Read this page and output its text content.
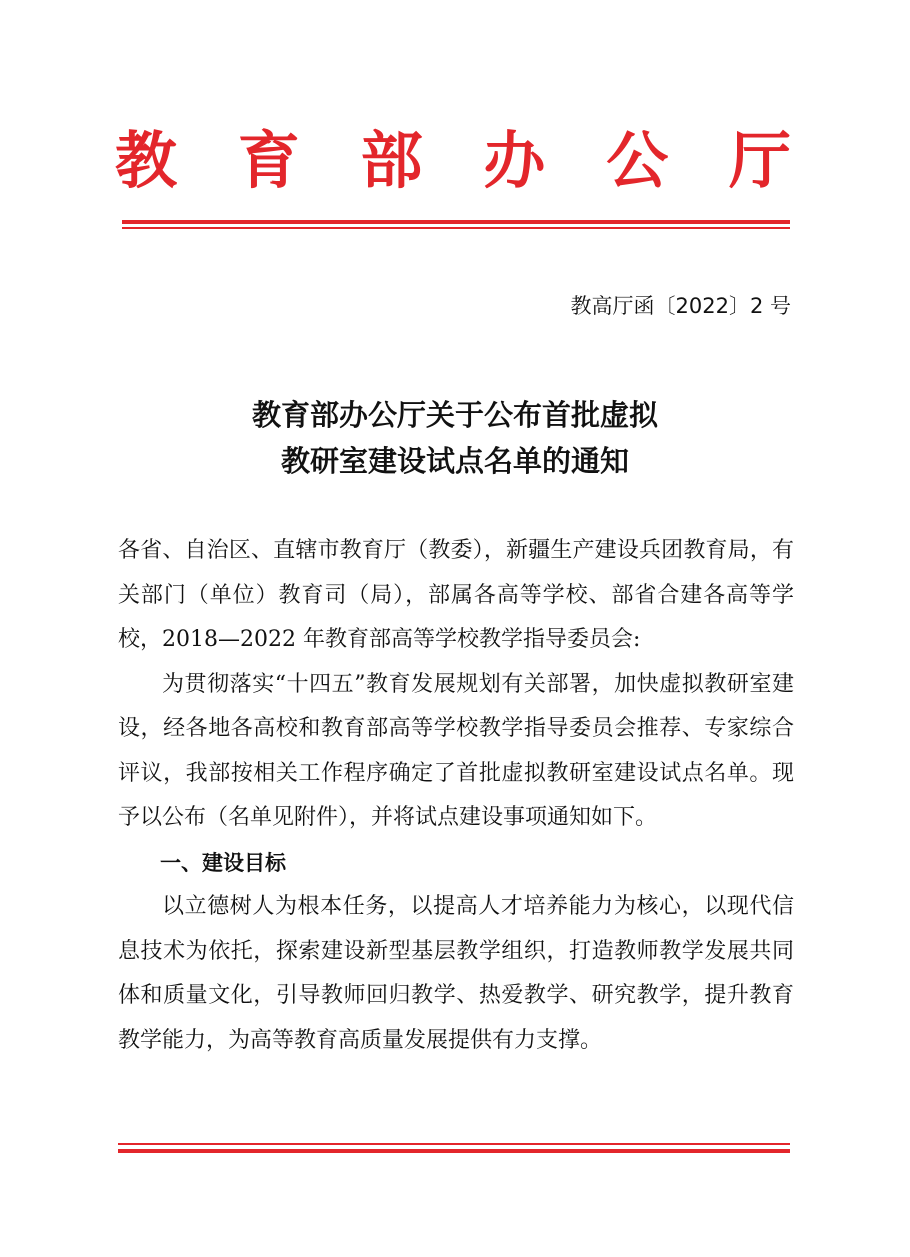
教 育 部 办 公 厅
教高厅函〔2022〕2 号
教育部办公厅关于公布首批虚拟
教研室建设试点名单的通知

各省、自治区、直辖市教育厅（教委），新疆生产建设兵团教育局，有关部门（单位）教育司（局），部属各高等学校、部省合建各高等学校，2018—2022 年教育部高等学校教学指导委员会:

为贯彻落实“十四五”教育发展规划有关部署，加快虚拟教研室建设，经各地各高校和教育部高等学校教学指导委员会推荐、专家综合评议，我部按相关工作程序确定了首批虚拟教研室建设试点名单。现予以公布（名单见附件），并将试点建设事项通知如下。

一、建设目标

以立德树人为根本任务，以提高人才培养能力为核心，以现代信息技术为依托，探索建设新型基层教学组织，打造教师教学发展共同体和质量文化，引导教师回归教学、热爱教学、研究教学，提升教育教学能力，为高等教育高质量发展提供有力支撑。
